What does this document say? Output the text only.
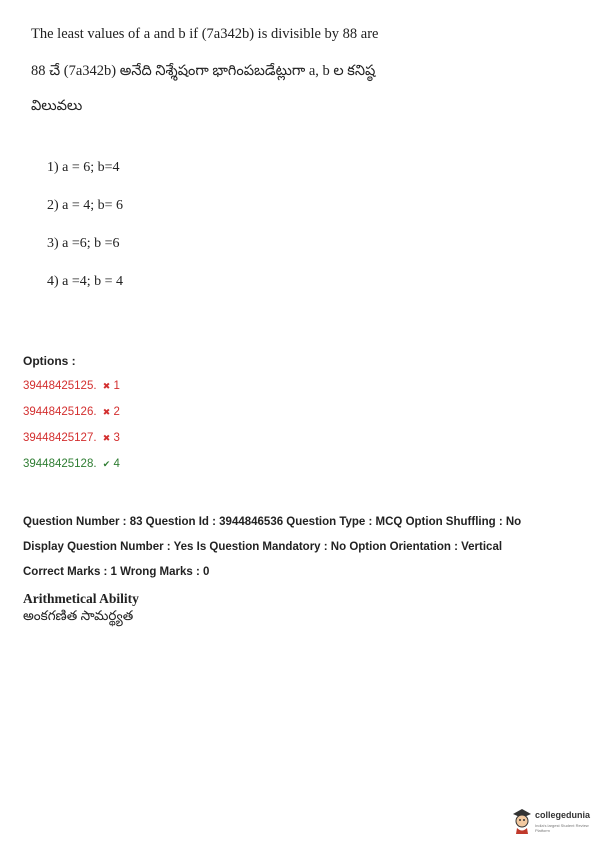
The least values of a and b if (7a342b) is divisible by 88 are
88 చే (7a342b) అనేది నిశ్శేషంగా భాగింపబడేట్లుగా a, b ల కనిష్ఠ
విలువలు
1) a = 6; b=4
2) a = 4; b= 6
3) a =6; b =6
4) a =4; b = 4
Options :
39448425125. ✖ 1
39448425126. ✖ 2
39448425127. ✖ 3
39448425128. ✔ 4
Question Number : 83 Question Id : 3944846536 Question Type : MCQ Option Shuffling : No
Display Question Number : Yes Is Question Mandatory : No Option Orientation : Vertical
Correct Marks : 1 Wrong Marks : 0
Arithmetical Ability
అంకగణిత సామర్థ్యత
collegedunia
India's largest Student Review Platform
